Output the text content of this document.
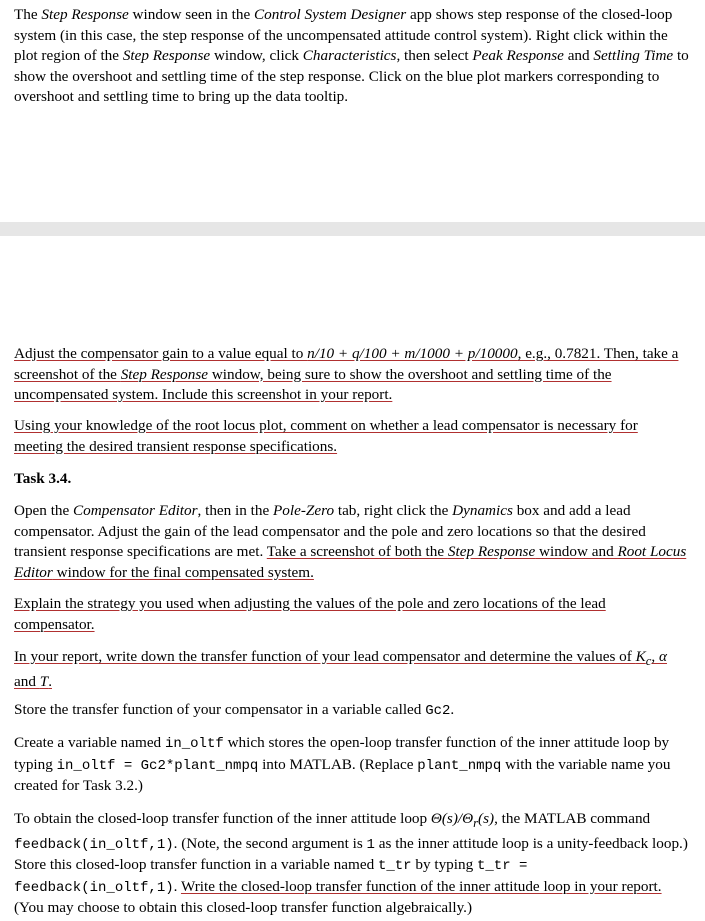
The Step Response window seen in the Control System Designer app shows step response of the closed-loop system (in this case, the step response of the uncompensated attitude control system). Right click within the plot region of the Step Response window, click Characteristics, then select Peak Response and Settling Time to show the overshoot and settling time of the step response. Click on the blue plot markers corresponding to overshoot and settling time to bring up the data tooltip.

Adjust the compensator gain to a value equal to n/10 + q/100 + m/1000 + p/10000, e.g., 0.7821. Then, take a screenshot of the Step Response window, being sure to show the overshoot and settling time of the uncompensated system. Include this screenshot in your report.

Using your knowledge of the root locus plot, comment on whether a lead compensator is necessary for meeting the desired transient response specifications.

Task 3.4.

Open the Compensator Editor, then in the Pole-Zero tab, right click the Dynamics box and add a lead compensator. Adjust the gain of the lead compensator and the pole and zero locations so that the desired transient response specifications are met. Take a screenshot of both the Step Response window and Root Locus Editor window for the final compensated system.

Explain the strategy you used when adjusting the values of the pole and zero locations of the lead compensator.

In your report, write down the transfer function of your lead compensator and determine the values of $K_c$, α and T.

Store the transfer function of your compensator in a variable called Gc2.

Create a variable named in_oltf which stores the open-loop transfer function of the inner attitude loop by typing in_oltf = Gc2*plant_nmpq into MATLAB. (Replace plant_nmpq with the variable name you created for Task 3.2.)

To obtain the closed-loop transfer function of the inner attitude loop $\Theta(s)/\Theta_r(s)$, the MATLAB command feedback(in_oltf,1). (Note, the second argument is 1 as the inner attitude loop is a unity-feedback loop.) Store this closed-loop transfer function in a variable named t_tr by typing t_tr = feedback(in_oltf,1). Write the closed-loop transfer function of the inner attitude loop in your report. (You may choose to obtain this closed-loop transfer function algebraically.)
